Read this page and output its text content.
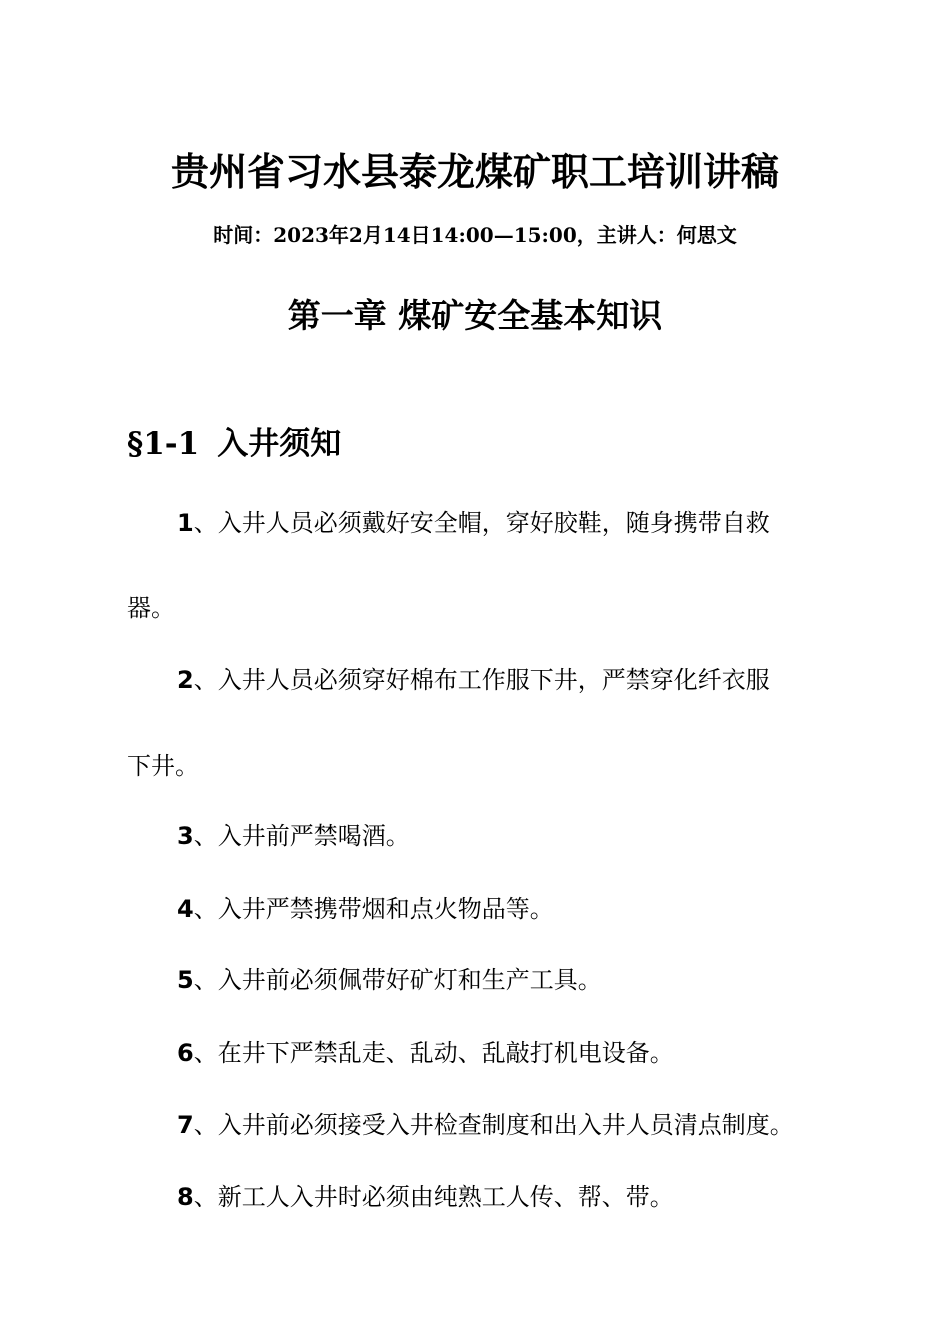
贵州省习水县泰龙煤矿职工培训讲稿
时间：2023年2月14日14:00—15:00，主讲人：何思文
第一章 煤矿安全基本知识
§1-1 入井须知
1、入井人员必须戴好安全帽，穿好胶鞋，随身携带自救
器。
2、入井人员必须穿好棉布工作服下井，严禁穿化纤衣服
下井。
3、入井前严禁喝酒。
4、入井严禁携带烟和点火物品等。
5、入井前必须佩带好矿灯和生产工具。
6、在井下严禁乱走、乱动、乱敲打机电设备。
7、入井前必须接受入井检查制度和出入井人员清点制度。
8、新工人入井时必须由纯熟工人传、帮、带。
